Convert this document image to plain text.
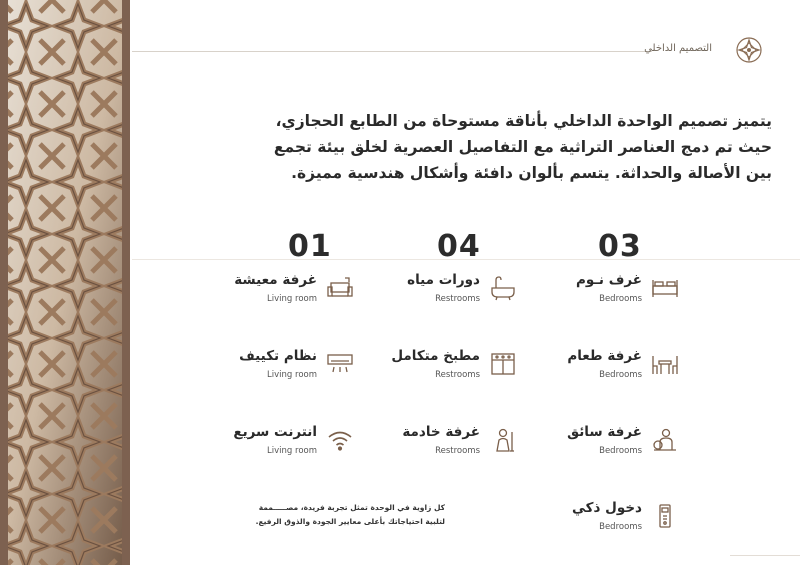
التصميم الداخلي
يتميز تصميم الواحدة الداخلي بأناقة مستوحاة من الطابع الحجازي،
حيث تم دمج العناصر التراثية مع التفاصيل العصرية لخلق بيئة تجمع
بين الأصالة والحداثة. يتسم بألوان دافئة وأشكال هندسية مميزة.
01	04	03
غرف نـوم
Bedrooms
غرفة طعام
Bedrooms
غرفة سائق
Bedrooms
دخول ذكي
Bedrooms
دورات مياه
Restrooms
مطبخ متكامل
Restrooms
غرفة خادمة
Restrooms
غرفة معيشة
Living room
نظام تكييف
Living room
انترنت سريع
Living room
كل زاوية في الوحدة تمثل تجربة فريدة، مصـــــممة
لتلبية احتياجاتك بأعلى معايير الجودة والذوق الرفيع.
